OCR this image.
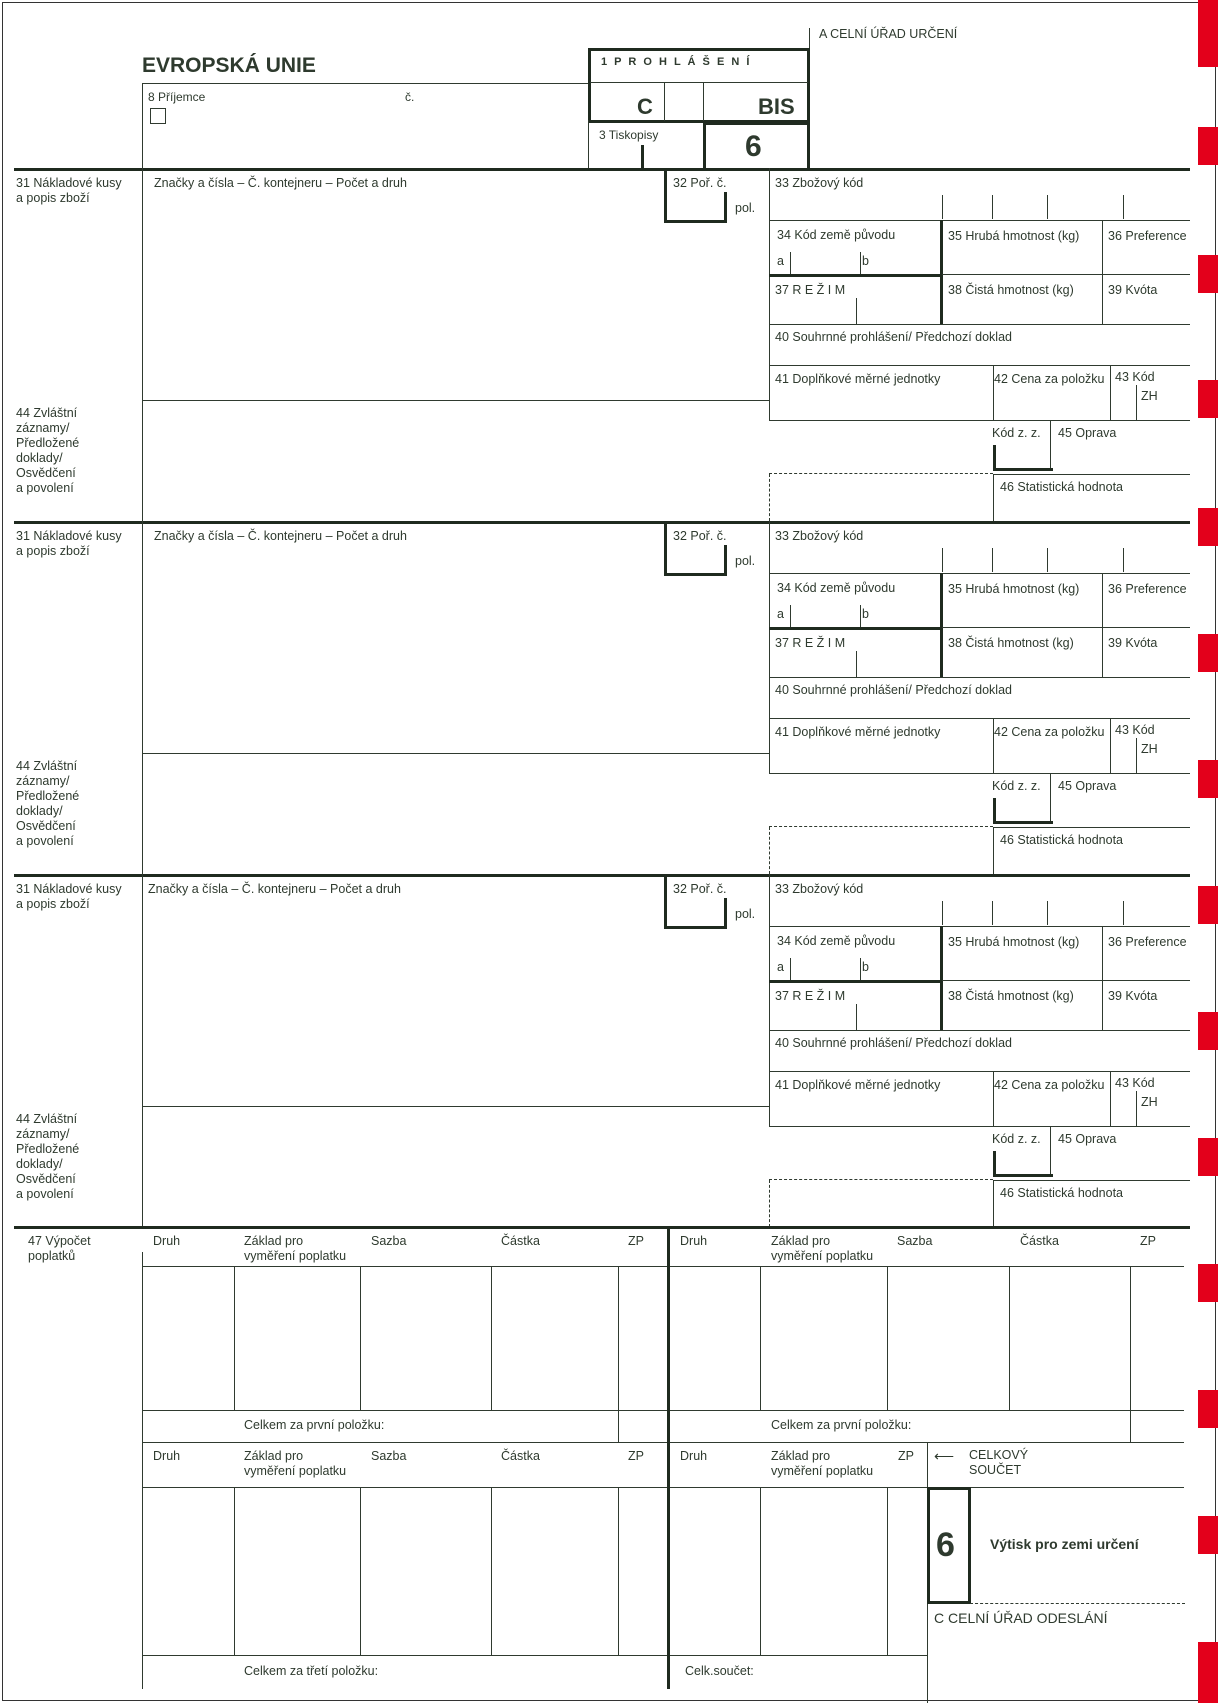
EVROPSKÁ UNIE
A CELNÍ ÚŘAD URČENÍ
8 Příjemce	č.
1 P R O H L Á Š E N Í
C	BIS
3 Tiskopisy	6
31 Nákladové kusy
a popis zboží
Značky a čísla – Č. kontejneru – Počet a druh	32 Poř. č.
pol.
33 Zbožový kód
34 Kód země původu
a	b
35 Hrubá hmotnost (kg) 36 Preference
37 R E Ž I M	38 Čistá hmotnost (kg)	39 Kvóta
40 Souhrnné prohlášení/ Předchozí doklad
41 Doplňkové měrné jednotky	42 Cena za položku 43 Kód
ZH
Kód z. z. 45 Oprava
46 Statistická hodnota
44 Zvláštní
záznamy/
Předložené
doklady/
Osvědčení
a povolení
31 Nákladové kusy
a popis zboží
Značky a čísla – Č. kontejneru – Počet a druh	32 Poř. č.
pol.
33 Zbožový kód
34 Kód země původu
a	b
35 Hrubá hmotnost (kg) 36 Preference
37 R E Ž I M	38 Čistá hmotnost (kg)	39 Kvóta
40 Souhrnné prohlášení/ Předchozí doklad
41 Doplňkové měrné jednotky	42 Cena za položku 43 Kód
ZH
Kód z. z. 45 Oprava
46 Statistická hodnota
44 Zvláštní
záznamy/
Předložené
doklady/
Osvědčení
a povolení
31 Nákladové kusy
a popis zboží
Značky a čísla – Č. kontejneru – Počet a druh	32 Poř. č.
pol.
33 Zbožový kód
34 Kód země původu
a	b
35 Hrubá hmotnost (kg) 36 Preference
37 R E Ž I M	38 Čistá hmotnost (kg)	39 Kvóta
40 Souhrnné prohlášení/ Předchozí doklad
41 Doplňkové měrné jednotky	42 Cena za položku 43 Kód
ZH
Kód z. z. 45 Oprava
46 Statistická hodnota
44 Zvláštní
záznamy/
Předložené
doklady/
Osvědčení
a povolení
47 Výpočet
poplatků
Druh	Základ pro
vyměření poplatku
Sazba	Částka	ZP	Druh	Základ pro
vyměření poplatku
Sazba	Částka	ZP
Celkem za první položku:	Celkem za první položku:
Druh	Základ pro
vyměření poplatku
Sazba	Částka	ZP	Druh	Základ pro
vyměření poplatku
ZP
Celkem za třetí položku:	Celk.součet:
⟵ CELKOVÝ
SOUČET
6	Výtisk pro zemi určení
C CELNÍ ÚŘAD ODESLÁNÍ
